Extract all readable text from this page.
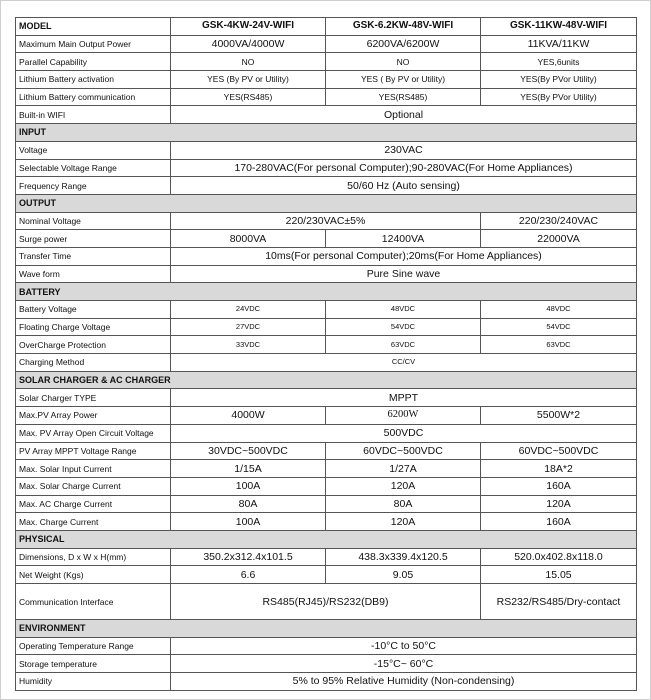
MODEL	GSK-4KW-24V-WIFI	GSK-6.2KW-48V-WIFI	GSK-11KW-48V-WIFI
Maximum Main Output Power	4000VA/4000W	6200VA/6200W	11KVA/11KW
Parallel Capability	NO	NO	YES,6units
Lithium Battery activation	YES (By PV or Utility)	YES ( By PV or Utility)	YES(By PVor Utility)
Lithium Battery communication	YES(RS485)	YES(RS485)	YES(By PVor Utility)
Built-in WIFI	Optional		
INPUT			
Voltage	230VAC		
Selectable Voltage Range	170-280VAC(For personal Computer);90-280VAC(For Home Appliances)		
Frequency Range	50/60 Hz (Auto sensing)		
OUTPUT			
Nominal Voltage	220/230VAC±5%		220/230/240VAC
Surge power	8000VA	12400VA	22000VA
Transfer Time	10ms(For personal Computer);20ms(For Home Appliances)		
Wave form	Pure Sine wave		
BATTERY			
Battery Voltage	24VDC	48VDC	48VDC
Floating Charge Voltage	27VDC	54VDC	54VDC
OverCharge Protection	33VDC	63VDC	63VDC
Charging Method	CC/CV		
SOLAR CHARGER & AC CHARGER			
Solar Charger TYPE	MPPT		
Max.PV Array Power	4000W	6200W	5500W*2
Max. PV Array Open Circuit Voltage	500VDC		
PV Array MPPT Voltage Range	30VDC~500VDC	60VDC~500VDC	60VDC~500VDC
Max. Solar Input Current	1/15A	1/27A	18A*2
Max. Solar Charge Current	100A	120A	160A
Max. AC Charge Current	80A	80A	120A
Max. Charge Current	100A	120A	160A
PHYSICAL			
Dimensions, D x W x H(mm)	350.2x312.4x101.5	438.3x339.4x120.5	520.0x402.8x118.0
Net Weight (Kgs)	6.6	9.05	15.05
Communication Interface	RS485(RJ45)/RS232(DB9)		RS232/RS485/Dry-contact
ENVIRONMENT			
Operating Temperature Range	-10°C to 50°C		
Storage temperature	-15°C~ 60°C		
Humidity	5% to 95% Relative Humidity (Non-condensing)		
